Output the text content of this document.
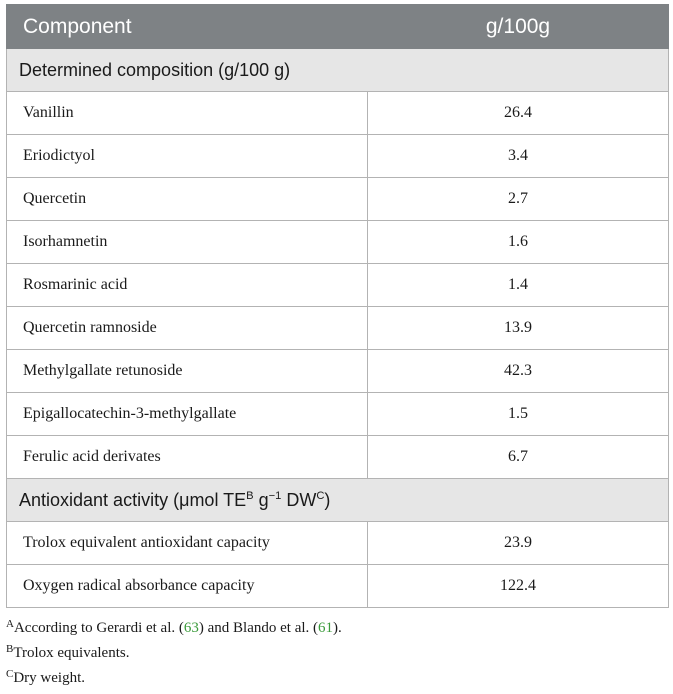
Component	g/100g
Determined composition (g/100 g)	
Vanillin	26.4
Eriodictyol	3.4
Quercetin	2.7
Isorhamnetin	1.6
Rosmarinic acid	1.4
Quercetin ramnoside	13.9
Methylgallate retunoside	42.3
Epigallocatechin-3-methylgallate	1.5
Ferulic acid derivates	6.7
Antioxidant activity (μmol $TE^B$ $g^{-1}$ $DW^C$)	
Trolox equivalent antioxidant capacity	23.9
Oxygen radical absorbance capacity	122.4
$^A$According to Gerardi et al. (63) and Blando et al. (61).
$^B$Trolox equivalents.
$^C$Dry weight.
